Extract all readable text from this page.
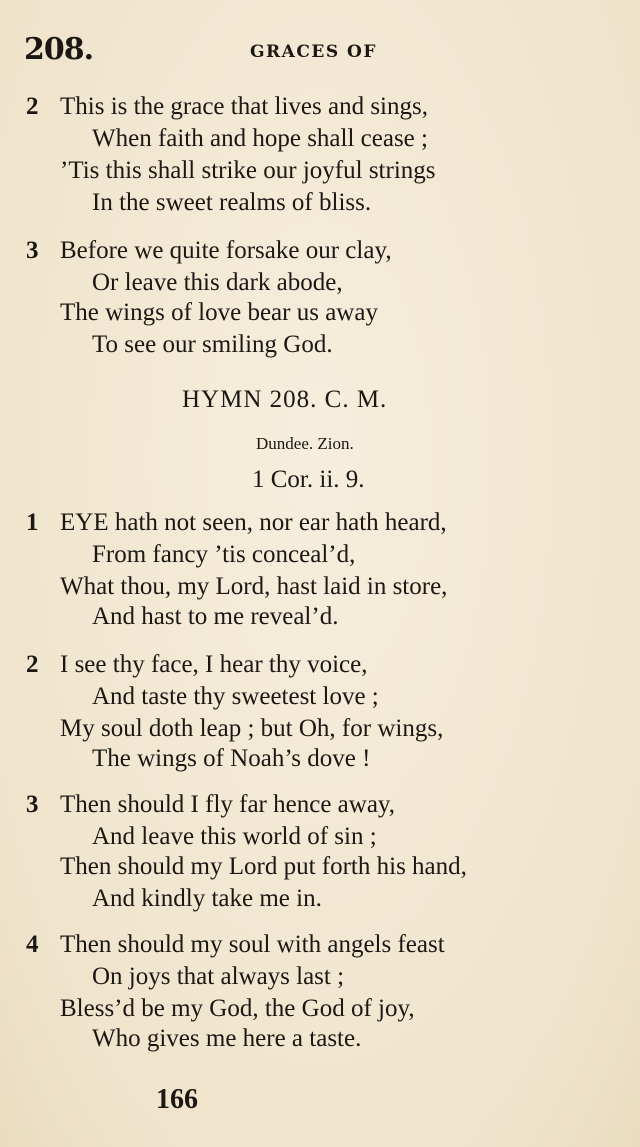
208.	GRACES OF
2 This is the grace that lives and sings,
When faith and hope shall cease ;
’Tis this shall strike our joyful strings
In the sweet realms of bliss.
3 Before we quite forsake our clay,
Or leave this dark abode,
The wings of love bear us away
To see our smiling God.
HYMN 208. C. M.
Dundee. Zion.
1 Cor. ii. 9.
1 EYE hath not seen, nor ear hath heard,
From fancy ’tis conceal’d,
What thou, my Lord, hast laid in store,
And hast to me reveal’d.
2 I see thy face, I hear thy voice,
And taste thy sweetest love ;
My soul doth leap ; but Oh, for wings,
The wings of Noah’s dove !
3 Then should I fly far hence away,
And leave this world of sin ;
Then should my Lord put forth his hand,
And kindly take me in.
4 Then should my soul with angels feast
On joys that always last ;
Bless’d be my God, the God of joy,
Who gives me here a taste.
166
